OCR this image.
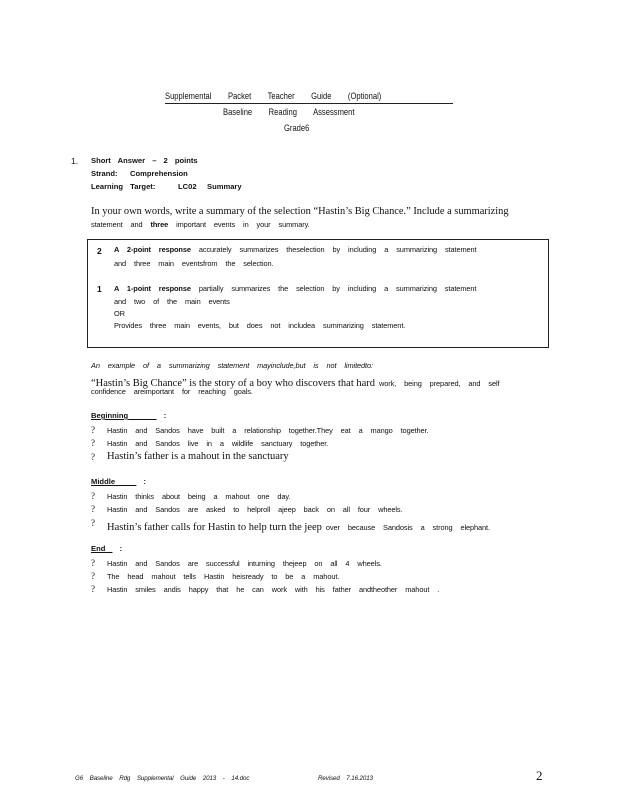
Supplemental Packet Teacher Guide (Optional)
Baseline Reading Assessment
Grade6
1. Short Answer – 2 points
Strand: Comprehension
Learning Target:	LC02 Summary
In your own words, write a summary of the selection “Hastin’s Big Chance.” Include a summarizing
statement and three important events in your summary.
2 A 2-point response accurately summarizes theselection by including a summarizing statement
and three main eventsfrom the selection.
1 A 1-point response partially summarizes the selection by including a summarizing statement
and two of the main events
OR
Provides three main events, but does not includea summarizing statement.
An example of a summarizing statement mayinclude,but is not limitedto:
“Hastin’s Big Chance” is the story of a boy who discovers that hard work, being prepared, and self
confidence areimportant for reaching goals.
Beginning	:
? Hastin and Sandos have built a relationship together.They eat a mango together.
? Hastin and Sandos live in a wildlife sanctuary together.
? Hastin’s father is a mahout in the sanctuary
Middle	:
? Hastin thinks about being a mahout one day.
? Hastin and Sandos are asked to helproll ajeep back on all four wheels.
? Hastin’s father calls for Hastin to help turn the jeep over because Sandosis a strong elephant.
End :
? Hastin and Sandos are successful inturning thejeep on all 4 wheels.
? The head mahout tells Hastin heisready to be a mahout.
? Hastin smiles andis happy that he can work with his father andtheother mahout .
G6 Baseline Rdg Supplemental Guide 2013 - 14.doc	Revised 7.16.2013	2
